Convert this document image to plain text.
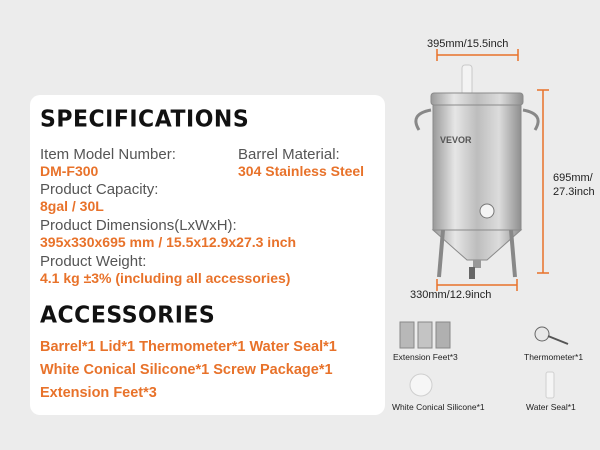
SPECIFICATIONS
Item Model Number:	Barrel Material:
DM-F300	304 Stainless Steel
Product Capacity:
8gal / 30L
Product Dimensions(LxWxH):
395x330x695 mm / 15.5x12.9x27.3 inch
Product Weight:
4.1 kg ±3% (including all accessories)
ACCESSORIES
Barrel*1 Lid*1 Thermometer*1 Water Seal*1
White Conical Silicone*1 Screw Package*1
Extension Feet*3
395mm/15.5inch
695mm/
27.3inch
330mm/12.9inch
VEVOR
Extension Feet*3	Thermometer*1
White Conical Silicone*1	Water Seal*1
